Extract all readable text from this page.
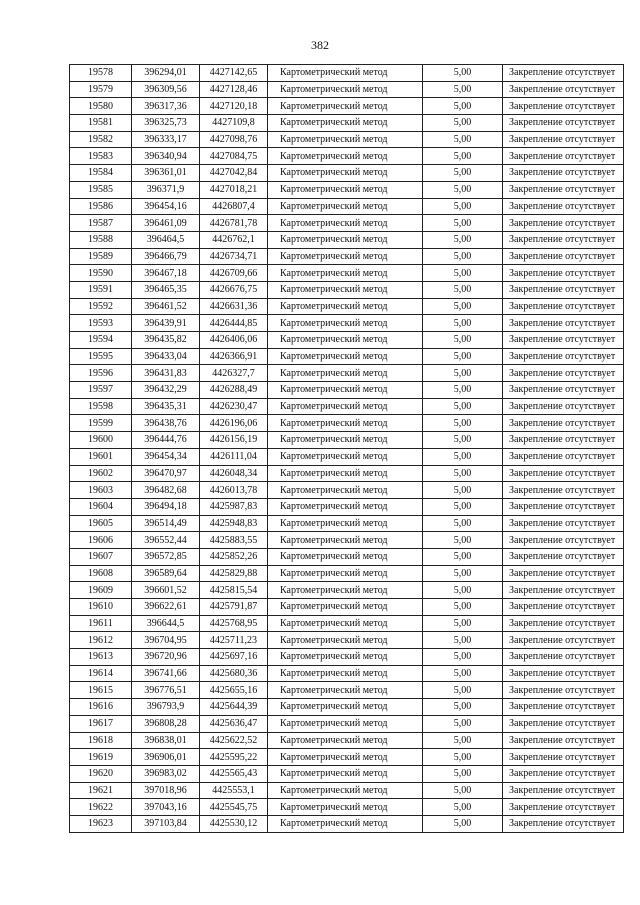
382
19578	396294,01	4427142,65	Картометрический метод	5,00	Закрепление отсутствует
19579	396309,56	4427128,46	Картометрический метод	5,00	Закрепление отсутствует
19580	396317,36	4427120,18	Картометрический метод	5,00	Закрепление отсутствует
19581	396325,73	4427109,8	Картометрический метод	5,00	Закрепление отсутствует
19582	396333,17	4427098,76	Картометрический метод	5,00	Закрепление отсутствует
19583	396340,94	4427084,75	Картометрический метод	5,00	Закрепление отсутствует
19584	396361,01	4427042,84	Картометрический метод	5,00	Закрепление отсутствует
19585	396371,9	4427018,21	Картометрический метод	5,00	Закрепление отсутствует
19586	396454,16	4426807,4	Картометрический метод	5,00	Закрепление отсутствует
19587	396461,09	4426781,78	Картометрический метод	5,00	Закрепление отсутствует
19588	396464,5	4426762,1	Картометрический метод	5,00	Закрепление отсутствует
19589	396466,79	4426734,71	Картометрический метод	5,00	Закрепление отсутствует
19590	396467,18	4426709,66	Картометрический метод	5,00	Закрепление отсутствует
19591	396465,35	4426676,75	Картометрический метод	5,00	Закрепление отсутствует
19592	396461,52	4426631,36	Картометрический метод	5,00	Закрепление отсутствует
19593	396439,91	4426444,85	Картометрический метод	5,00	Закрепление отсутствует
19594	396435,82	4426406,06	Картометрический метод	5,00	Закрепление отсутствует
19595	396433,04	4426366,91	Картометрический метод	5,00	Закрепление отсутствует
19596	396431,83	4426327,7	Картометрический метод	5,00	Закрепление отсутствует
19597	396432,29	4426288,49	Картометрический метод	5,00	Закрепление отсутствует
19598	396435,31	4426230,47	Картометрический метод	5,00	Закрепление отсутствует
19599	396438,76	4426196,06	Картометрический метод	5,00	Закрепление отсутствует
19600	396444,76	4426156,19	Картометрический метод	5,00	Закрепление отсутствует
19601	396454,34	4426111,04	Картометрический метод	5,00	Закрепление отсутствует
19602	396470,97	4426048,34	Картометрический метод	5,00	Закрепление отсутствует
19603	396482,68	4426013,78	Картометрический метод	5,00	Закрепление отсутствует
19604	396494,18	4425987,83	Картометрический метод	5,00	Закрепление отсутствует
19605	396514,49	4425948,83	Картометрический метод	5,00	Закрепление отсутствует
19606	396552,44	4425883,55	Картометрический метод	5,00	Закрепление отсутствует
19607	396572,85	4425852,26	Картометрический метод	5,00	Закрепление отсутствует
19608	396589,64	4425829,88	Картометрический метод	5,00	Закрепление отсутствует
19609	396601,52	4425815,54	Картометрический метод	5,00	Закрепление отсутствует
19610	396622,61	4425791,87	Картометрический метод	5,00	Закрепление отсутствует
19611	396644,5	4425768,95	Картометрический метод	5,00	Закрепление отсутствует
19612	396704,95	4425711,23	Картометрический метод	5,00	Закрепление отсутствует
19613	396720,96	4425697,16	Картометрический метод	5,00	Закрепление отсутствует
19614	396741,66	4425680,36	Картометрический метод	5,00	Закрепление отсутствует
19615	396776,51	4425655,16	Картометрический метод	5,00	Закрепление отсутствует
19616	396793,9	4425644,39	Картометрический метод	5,00	Закрепление отсутствует
19617	396808,28	4425636,47	Картометрический метод	5,00	Закрепление отсутствует
19618	396838,01	4425622,52	Картометрический метод	5,00	Закрепление отсутствует
19619	396906,01	4425595,22	Картометрический метод	5,00	Закрепление отсутствует
19620	396983,02	4425565,43	Картометрический метод	5,00	Закрепление отсутствует
19621	397018,96	4425553,1	Картометрический метод	5,00	Закрепление отсутствует
19622	397043,16	4425545,75	Картометрический метод	5,00	Закрепление отсутствует
19623	397103,84	4425530,12	Картометрический метод	5,00	Закрепление отсутствует
